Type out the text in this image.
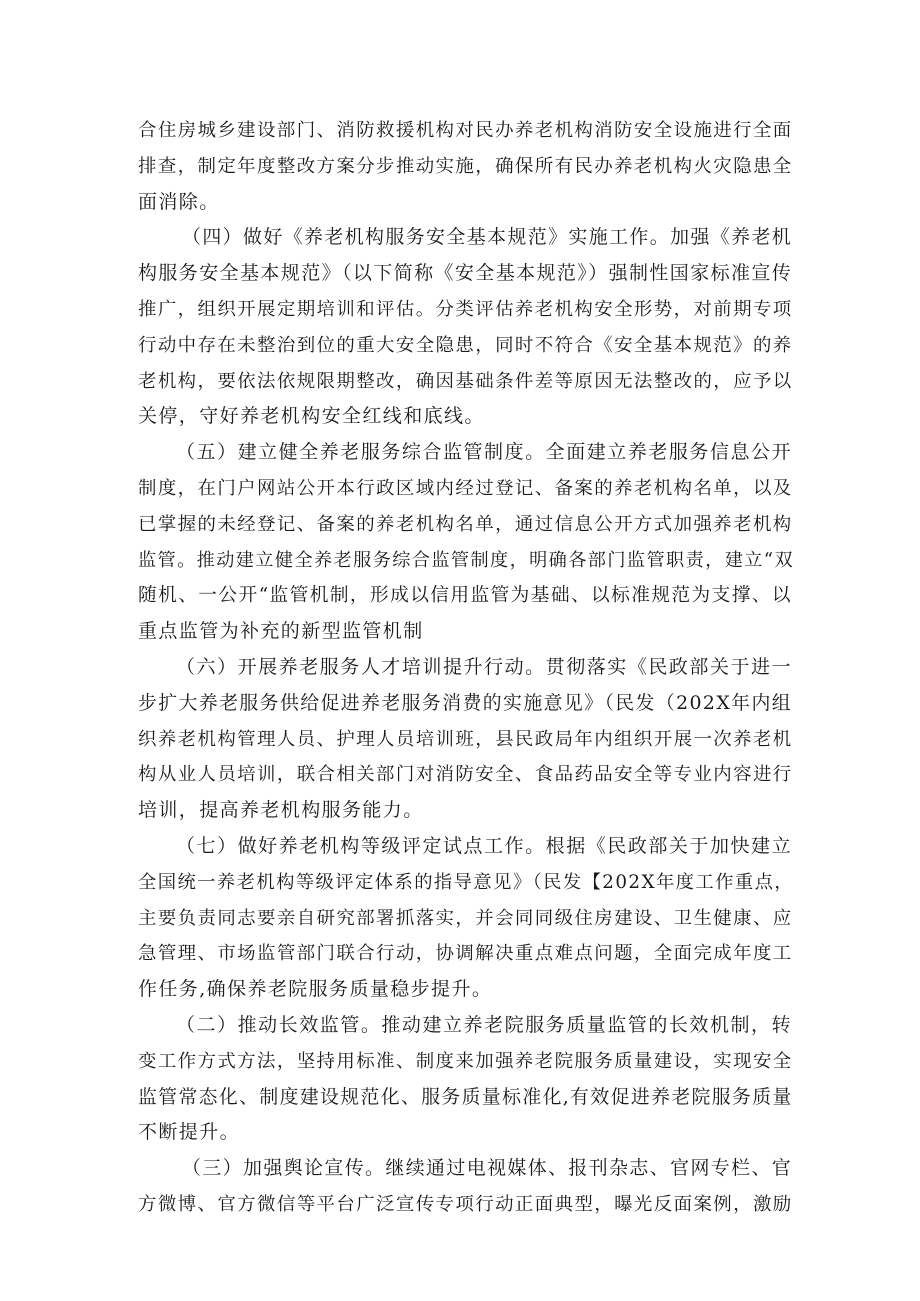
合住房城乡建设部门、消防救援机构对民办养老机构消防安全设施进行全面
排查，制定年度整改方案分步推动实施，确保所有民办养老机构火灾隐患全
面消除。
（四）做好《养老机构服务安全基本规范》实施工作。加强《养老机
构服务安全基本规范》（以下简称《安全基本规范》）强制性国家标准宣传
推广，组织开展定期培训和评估。分类评估养老机构安全形势，对前期专项
行动中存在未整治到位的重大安全隐患，同时不符合《安全基本规范》的养
老机构，要依法依规限期整改，确因基础条件差等原因无法整改的，应予以
关停，守好养老机构安全红线和底线。
（五）建立健全养老服务综合监管制度。全面建立养老服务信息公开
制度，在门户网站公开本行政区域内经过登记、备案的养老机构名单，以及
已掌握的未经登记、备案的养老机构名单，通过信息公开方式加强养老机构
监管。推动建立健全养老服务综合监管制度，明确各部门监管职责，建立“双
随机、一公开“监管机制，形成以信用监管为基础、以标准规范为支撑、以
重点监管为补充的新型监管机制
（六）开展养老服务人才培训提升行动。贯彻落实《民政部关于进一
步扩大养老服务供给促进养老服务消费的实施意见》（民发（202X年内组
织养老机构管理人员、护理人员培训班，县民政局年内组织开展一次养老机
构从业人员培训，联合相关部门对消防安全、食品药品安全等专业内容进行
培训，提高养老机构服务能力。
（七）做好养老机构等级评定试点工作。根据《民政部关于加快建立
全国统一养老机构等级评定体系的指导意见》（民发【202X年度工作重点，
主要负责同志要亲自研究部署抓落实，并会同同级住房建设、卫生健康、应
急管理、市场监管部门联合行动，协调解决重点难点问题，全面完成年度工
作任务,确保养老院服务质量稳步提升。
（二）推动长效监管。推动建立养老院服务质量监管的长效机制，转
变工作方式方法，坚持用标准、制度来加强养老院服务质量建设，实现安全
监管常态化、制度建设规范化、服务质量标准化,有效促进养老院服务质量
不断提升。
（三）加强舆论宣传。继续通过电视媒体、报刊杂志、官网专栏、官
方微博、官方微信等平台广泛宣传专项行动正面典型，曝光反面案例，激励
